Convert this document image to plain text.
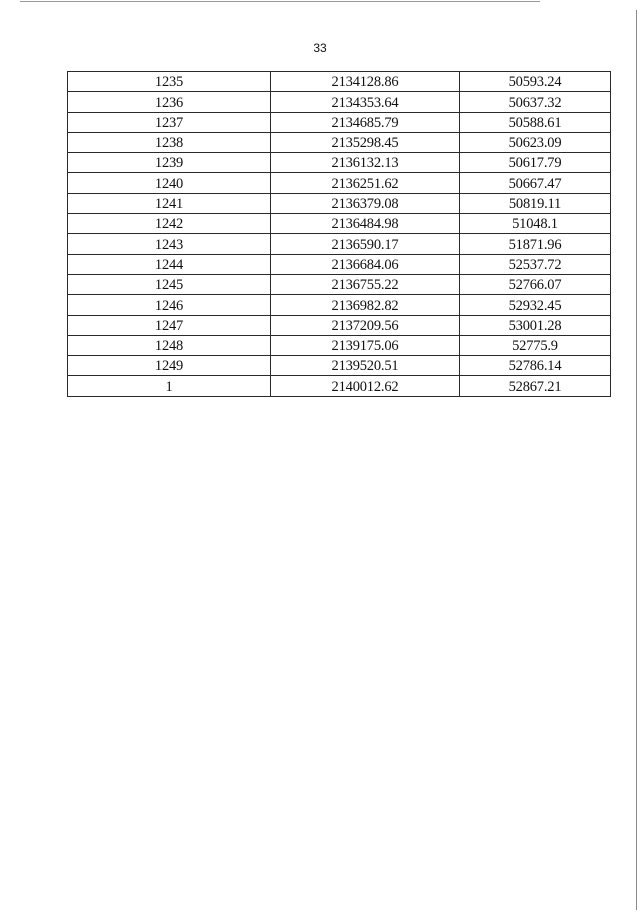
33
1235	2134128.86	50593.24
1236	2134353.64	50637.32
1237	2134685.79	50588.61
1238	2135298.45	50623.09
1239	2136132.13	50617.79
1240	2136251.62	50667.47
1241	2136379.08	50819.11
1242	2136484.98	51048.1
1243	2136590.17	51871.96
1244	2136684.06	52537.72
1245	2136755.22	52766.07
1246	2136982.82	52932.45
1247	2137209.56	53001.28
1248	2139175.06	52775.9
1249	2139520.51	52786.14
1	2140012.62	52867.21
